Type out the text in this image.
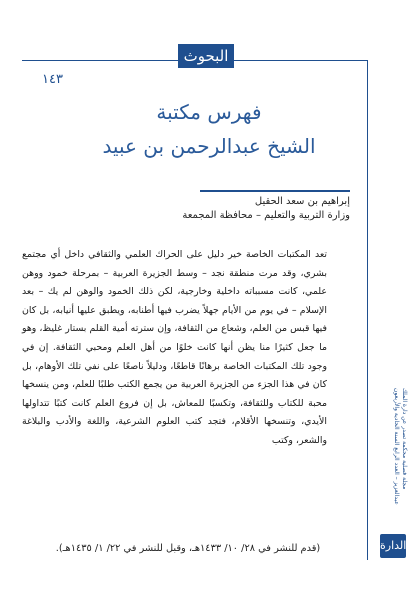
البحوث
١٤٣
فهرس مكتبة
الشيخ عبدالرحمن بن عبيد
إبراهيم بن سعد الحقيل
وزارة التربية والتعليم – محافظة المجمعة
تعد المكتبات الخاصة خير دليل على الحراك العلمي والثقافي داخل أي مجتمع بشري، وقد مرت منطقة نجد – وسط الجزيرة العربية – بمرحلة خمود ووهن علمي، كانت مسبباته داخلية وخارجية، لكن ذلك الخمود والوهن لم يك – بعد الإسلام – في يوم من الأيام جهلاً يضرب فيها أطنابه، ويطبق عليها أنيابه، بل كان فيها قبس من العلم، وشعاع من الثقافة، وإن سترته أمية القلم بستار غليظ، وهو ما جعل كثيرًا منا يظن أنها كانت خلوًا من أهل العلم ومحبي الثقافة. إن في وجود تلك المكتبات الخاصة برهانًا قاطعًا، ودليلاً ناصعًا على نفي تلك الأوهام، بل كان في هذا الجزء من الجزيرة العربية من يجمع الكتب طلبًا للعلم، ومن ينسخها محبة للكتاب وللثقافة، وتكسبًا للمعاش، بل إن فروع العلم كانت كتبًا تتداولها الأيدي، وتنسخها الأقلام، فتجد كتب العلوم الشرعية، واللغة والأدب والبلاغة والشعر، وكتب
(قدم للنشر في ٢٨/ ١٠/ ١٤٣٣هـ، وقبل للنشر في ٢٢/ ١/ ١٤٣٥هـ).
مجلة فصلية محكمة تصدر عن دارة الملك عبدالعزيز – العدد الرابع السنة الحادية والأربعون
الدارة
